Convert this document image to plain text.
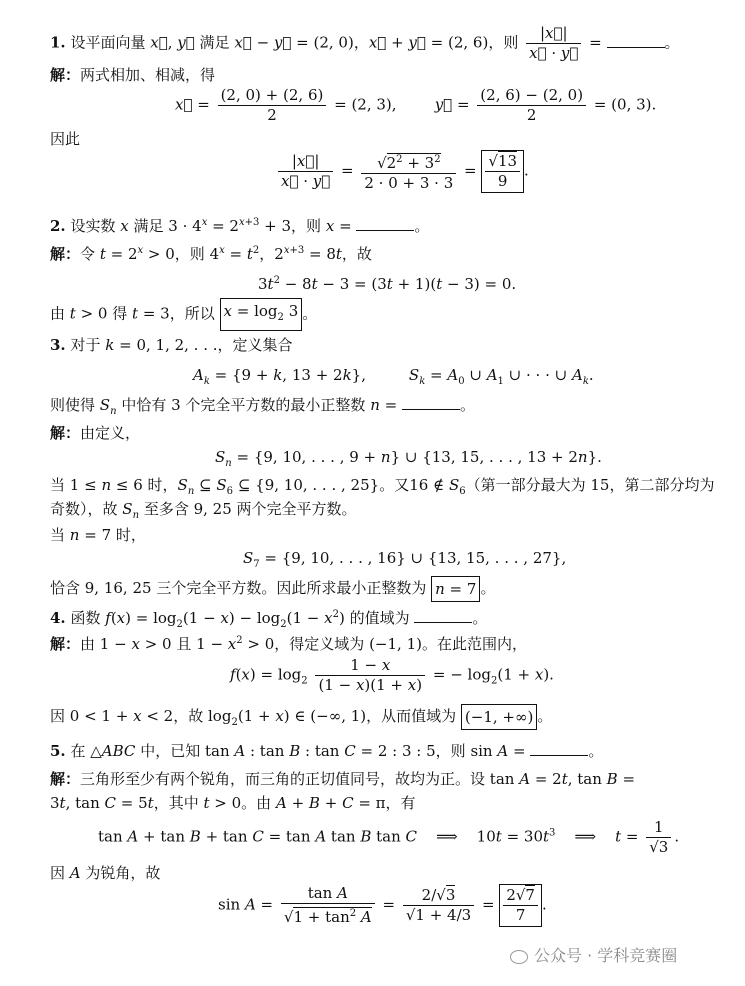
1. 设平面向量 x⃗, y⃗ 满足 x⃗ − y⃗ = (2, 0)，x⃗ + y⃗ = (2, 6)，则 $\frac{|x⃗|}{x⃗ \cdot y⃗}$ =	。
解：两式相加、相减，得
x⃗ = $\frac{(2, 0) + (2, 6)}{2} = (2$, 3),        y⃗ = $\frac{(2, 6) - (2, 0)}{2} = (0$, 3).
因此
$\frac{|x⃗|}{x⃗ \cdot y⃗} = \frac{√2^2 + 3^2}{2 \cdot 0 + 3 \cdot 3} = \frac{√13}{9}$ .
2. 设实数 x 满足 $3 \cdot 4^x = 2^{x+3} + 3$，则 x =	。
解：令 $t = 2^x > 0$，则 $4^x = t^2$，$2^{x+3} = 8t$，故
$3t^2 - 8t - 3 = (3t + 1)(t - 3) = 0$.
由 t > 0 得 t = 3，所以 $x = \log_2 3$ 。
3. 对于 k = 0, 1, 2, . . .，定义集合
$A_k = \{9 + k$, 13 + 2k},         $S_k = A_0$ ∪ $A_1$ ∪ · · · ∪ $A_k$.
则使得 $S_n$ 中恰有 3 个完全平方数的最小正整数 n =	。
解：由定义，
$S_n = \{9$, 10, . . . , 9 + n} ∪ {13, 15, . . . , 13 + 2n}.
当 1 ≤ n ≤ 6 时，$S_n$ ⊆ $S_6$ ⊆ {9, 10, . . . , 25}。又16 ∉ $S_6$（第一部分最大为 15，第二部分均为
奇数），故 $S_n$ 至多含 9, 25 两个完全平方数。
当 n = 7 时，
$S_7 = \{9$, 10, . . . , 16} ∪ {13, 15, . . . , 27},
恰含 9, 16, 25 三个完全平方数。因此所求最小正整数为 n = 7 。
4. 函数 $f(x) = \log_2(1 - x) - \log_2(1 - x^2)$ 的值域为	。
解：由 1 − x > 0 且 $1 - x^2 > 0$，得定义域为 (−1, 1)。在此范围内，
$f(x) = \log_2 \frac{1 - x}{(1 - x)(1 + x)}$ = − $\log_2(1 + x)$.
因 0 < 1 + x < 2，故 $\log_2(1 + x)$ ∈ (−∞, 1)，从而值域为 (−1, +∞) 。
5. 在 △ABC 中，已知 tan A : tan B : tan C = 2 : 3 : 5，则 sin A =	。
解：三角形至少有两个锐角，而三角的正切值同号，故均为正。设 tan A = 2t, tan B =
3t, tan C = 5t，其中 t > 0。由 A + B + C = π，有
tan A + tan B + tan C = tan A tan B tan C    ⟹    $10t = 30t^3$    ⟹    $t = \frac{1}{√3}$ .
因 A 为锐角，故
$\sin A = \frac{\text{tan A}}{√1 + \tan^2 A} = \frac{2/√3}{√1 + 4/3} = \frac{2√7}{7}$ .
公众号 · 学科竞赛圈
